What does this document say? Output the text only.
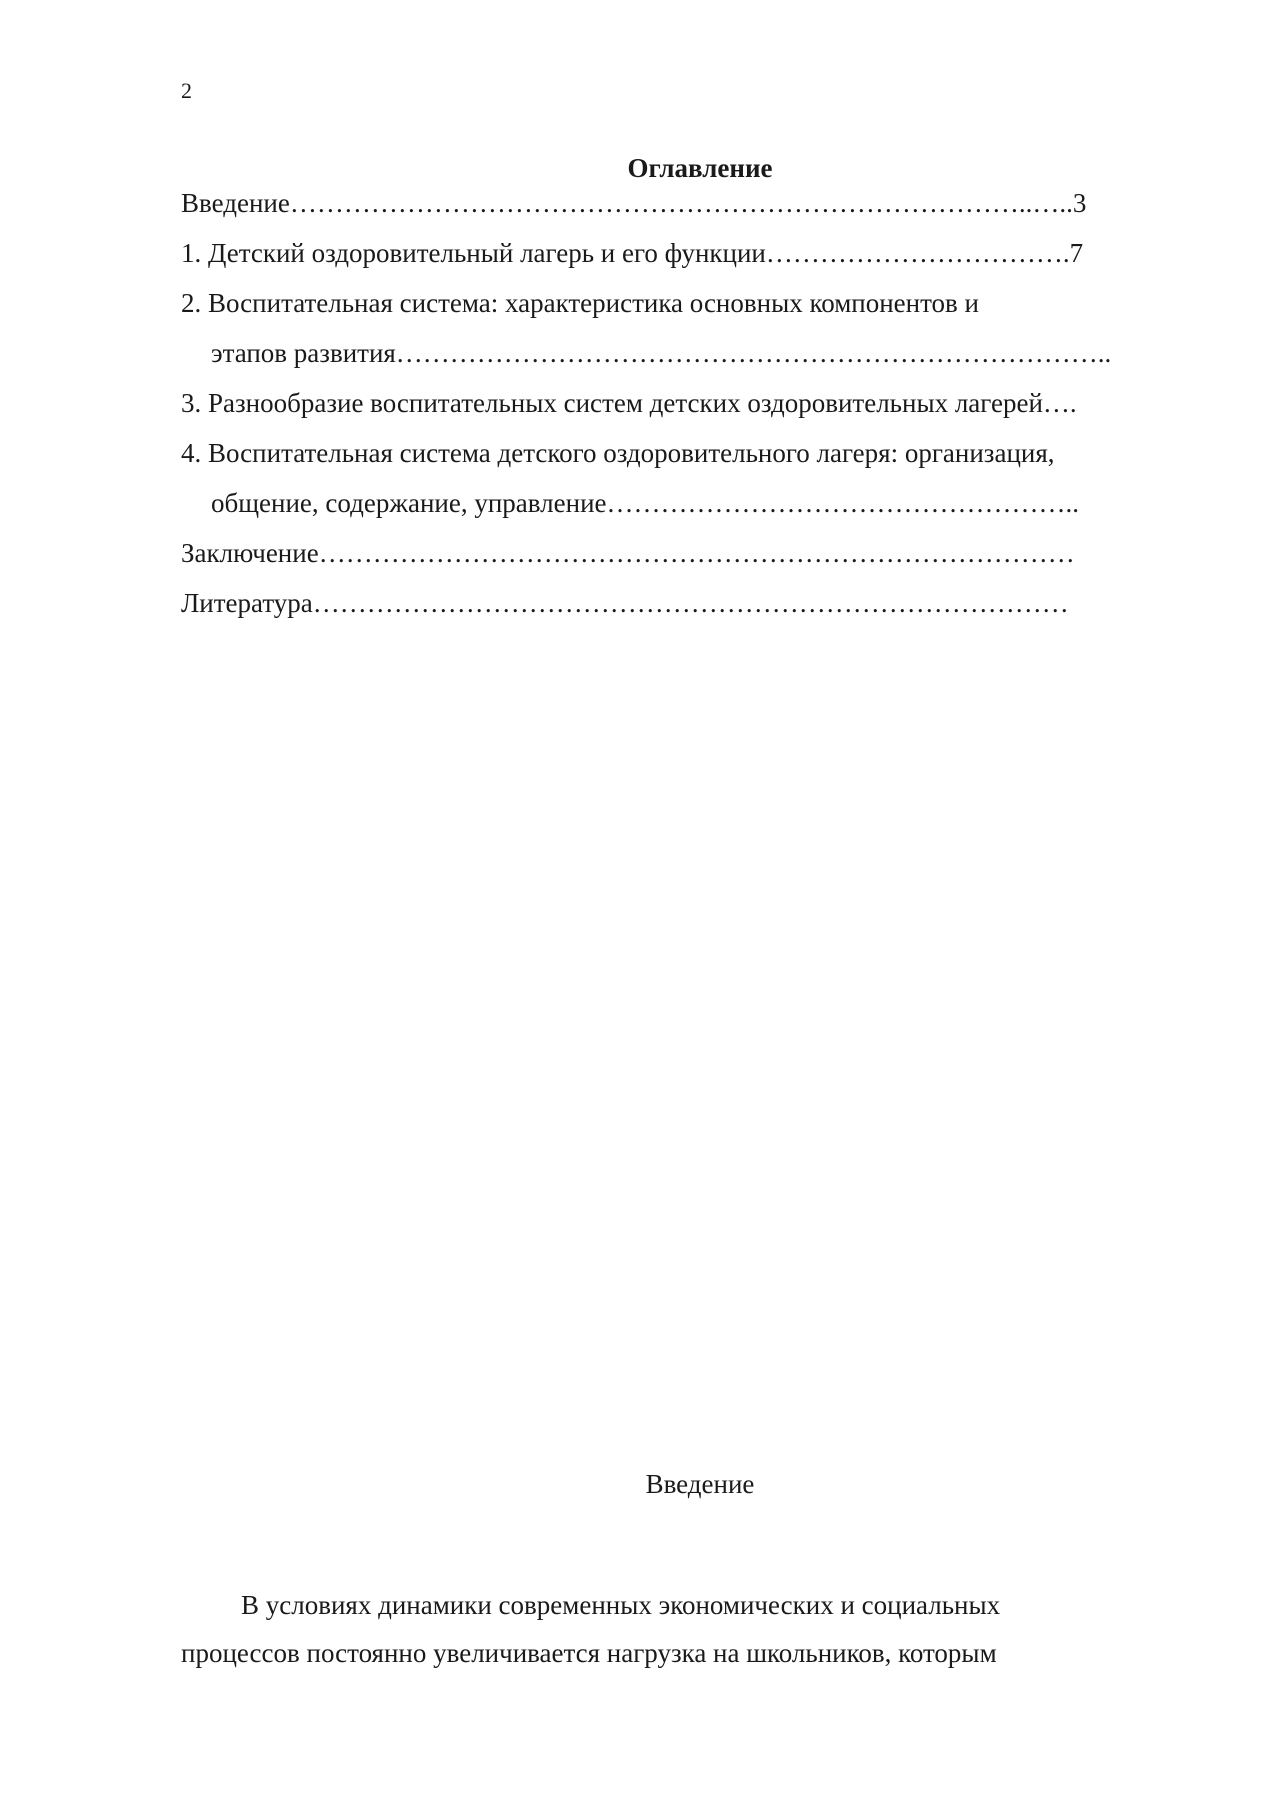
2
Оглавление
Введение………………………………………………………………………..…..3
1. Детский оздоровительный лагерь и его функции…………………………….7
2. Воспитательная система: характеристика основных компонентов и
этапов развития……………………………………………………………………..
3. Разнообразие воспитательных систем детских оздоровительных лагерей….
4. Воспитательная система детского оздоровительного лагеря: организация,
общение, содержание, управление……………………………………………..
Заключение…………………………………………………………………………
Литература…………………………………………………………………………
Введение
В условиях динамики современных экономических и социальных
процессов постоянно увеличивается нагрузка на школьников, которым
